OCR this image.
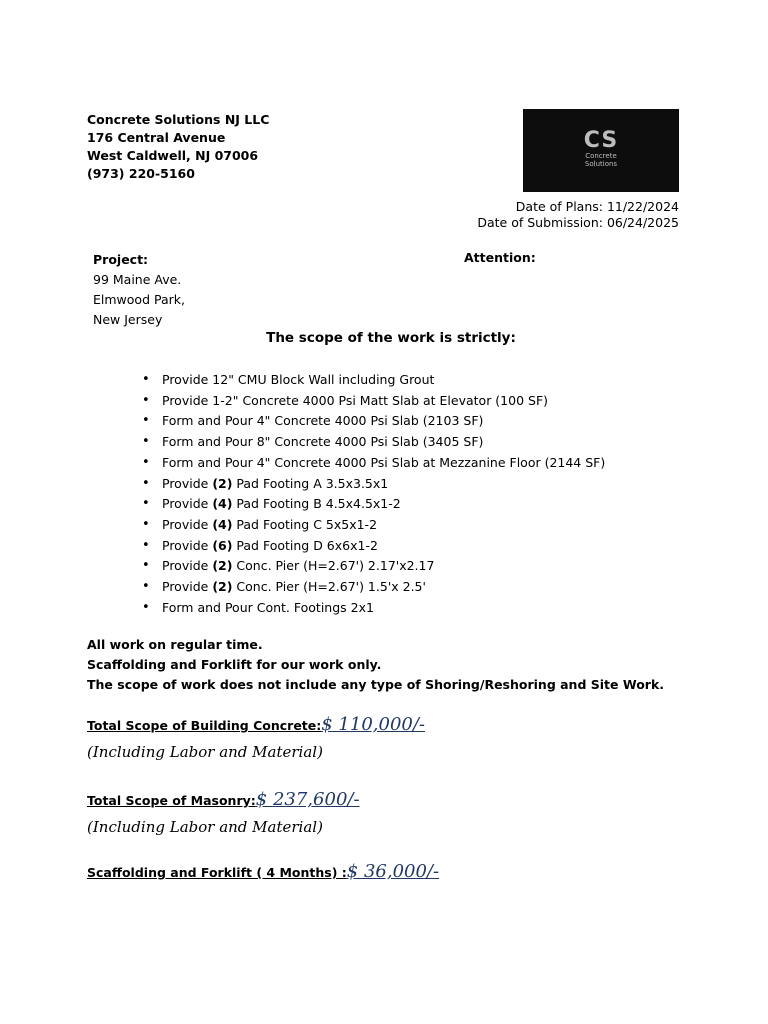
Concrete Solutions NJ LLC
176 Central Avenue
West Caldwell, NJ 07006
(973) 220-5160
CS
Concrete
Solutions
Date of Plans: 11/22/2024
Date of Submission: 06/24/2025
Project:
99 Maine Ave.
Elmwood Park,
New Jersey
Attention:
The scope of the work is strictly:
• Provide 12" CMU Block Wall including Grout
• Provide 1-2" Concrete 4000 Psi Matt Slab at Elevator (100 SF)
• Form and Pour 4" Concrete 4000 Psi Slab (2103 SF)
• Form and Pour 8" Concrete 4000 Psi Slab (3405 SF)
• Form and Pour 4" Concrete 4000 Psi Slab at Mezzanine Floor (2144 SF)
• Provide (2) Pad Footing A 3.5x3.5x1
• Provide (4) Pad Footing B 4.5x4.5x1-2
• Provide (4) Pad Footing C 5x5x1-2
• Provide (6) Pad Footing D 6x6x1-2
• Provide (2) Conc. Pier (H=2.67') 2.17'x2.17
• Provide (2) Conc. Pier (H=2.67') 1.5'x 2.5'
• Form and Pour Cont. Footings 2x1
All work on regular time.
Scaffolding and Forklift for our work only.
The scope of work does not include any type of Shoring/Reshoring and Site Work.
Total Scope of Building Concrete:$ 110,000/-
(Including Labor and Material)
Total Scope of Masonry:$ 237,600/-
(Including Labor and Material)
Scaffolding and Forklift ( 4 Months) :$ 36,000/-
